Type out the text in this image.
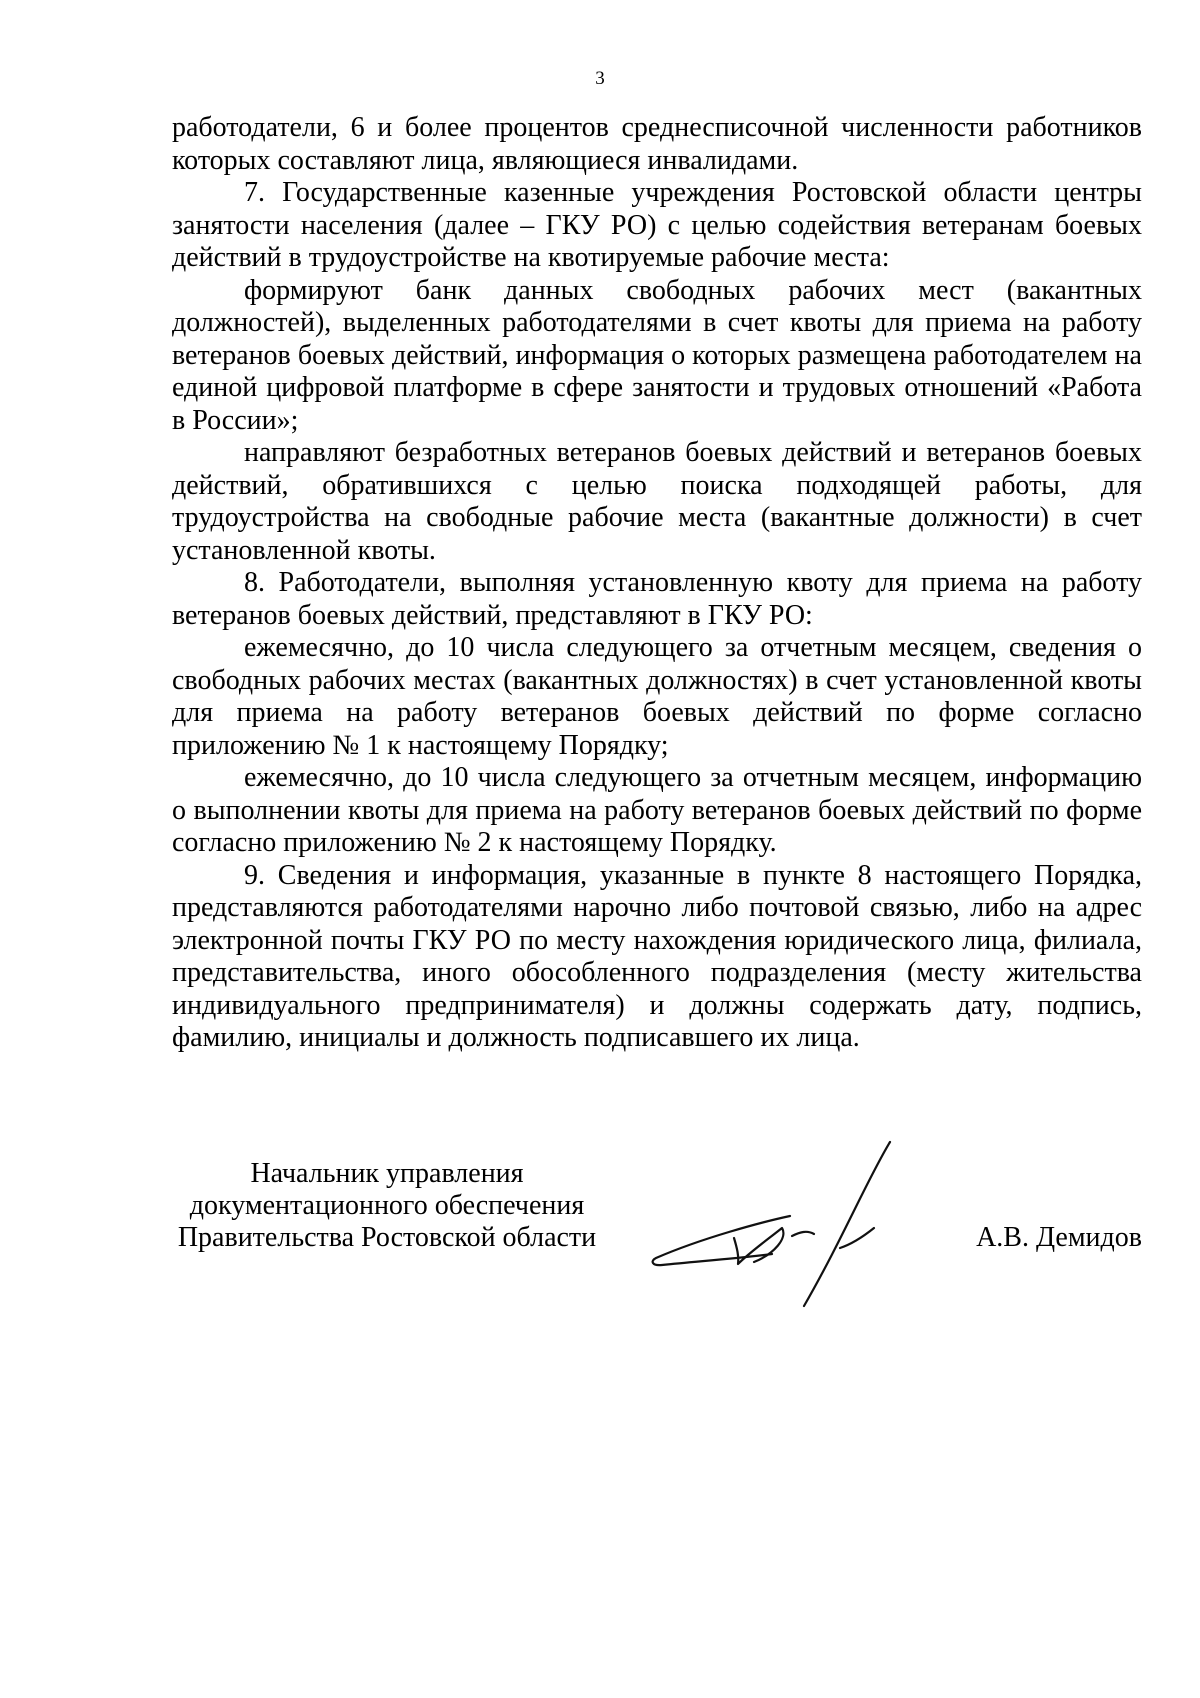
3

работодатели, 6 и более процентов среднесписочной численности работников которых составляют лица, являющиеся инвалидами.

7. Государственные казенные учреждения Ростовской области центры занятости населения (далее – ГКУ РО) с целью содействия ветеранам боевых действий в трудоустройстве на квотируемые рабочие места:

формируют банк данных свободных рабочих мест (вакантных должностей), выделенных работодателями в счет квоты для приема на работу ветеранов боевых действий, информация о которых размещена работодателем на единой цифровой платформе в сфере занятости и трудовых отношений «Работа в России»;

направляют безработных ветеранов боевых действий и ветеранов боевых действий, обратившихся с целью поиска подходящей работы, для трудоустройства на свободные рабочие места (вакантные должности) в счет установленной квоты.

8. Работодатели, выполняя установленную квоту для приема на работу ветеранов боевых действий, представляют в ГКУ РО:

ежемесячно, до 10 числа следующего за отчетным месяцем, сведения о свободных рабочих местах (вакантных должностях) в счет установленной квоты для приема на работу ветеранов боевых действий по форме согласно приложению № 1 к настоящему Порядку;

ежемесячно, до 10 числа следующего за отчетным месяцем, информацию о выполнении квоты для приема на работу ветеранов боевых действий по форме согласно приложению № 2 к настоящему Порядку.

9. Сведения и информация, указанные в пункте 8 настоящего Порядка, представляются работодателями нарочно либо почтовой связью, либо на адрес электронной почты ГКУ РО по месту нахождения юридического лица, филиала, представительства, иного обособленного подразделения (месту жительства индивидуального предпринимателя) и должны содержать дату, подпись, фамилию, инициалы и должность подписавшего их лица.

Начальник управления
документационного обеспечения
Правительства Ростовской области	А.В. Демидов
